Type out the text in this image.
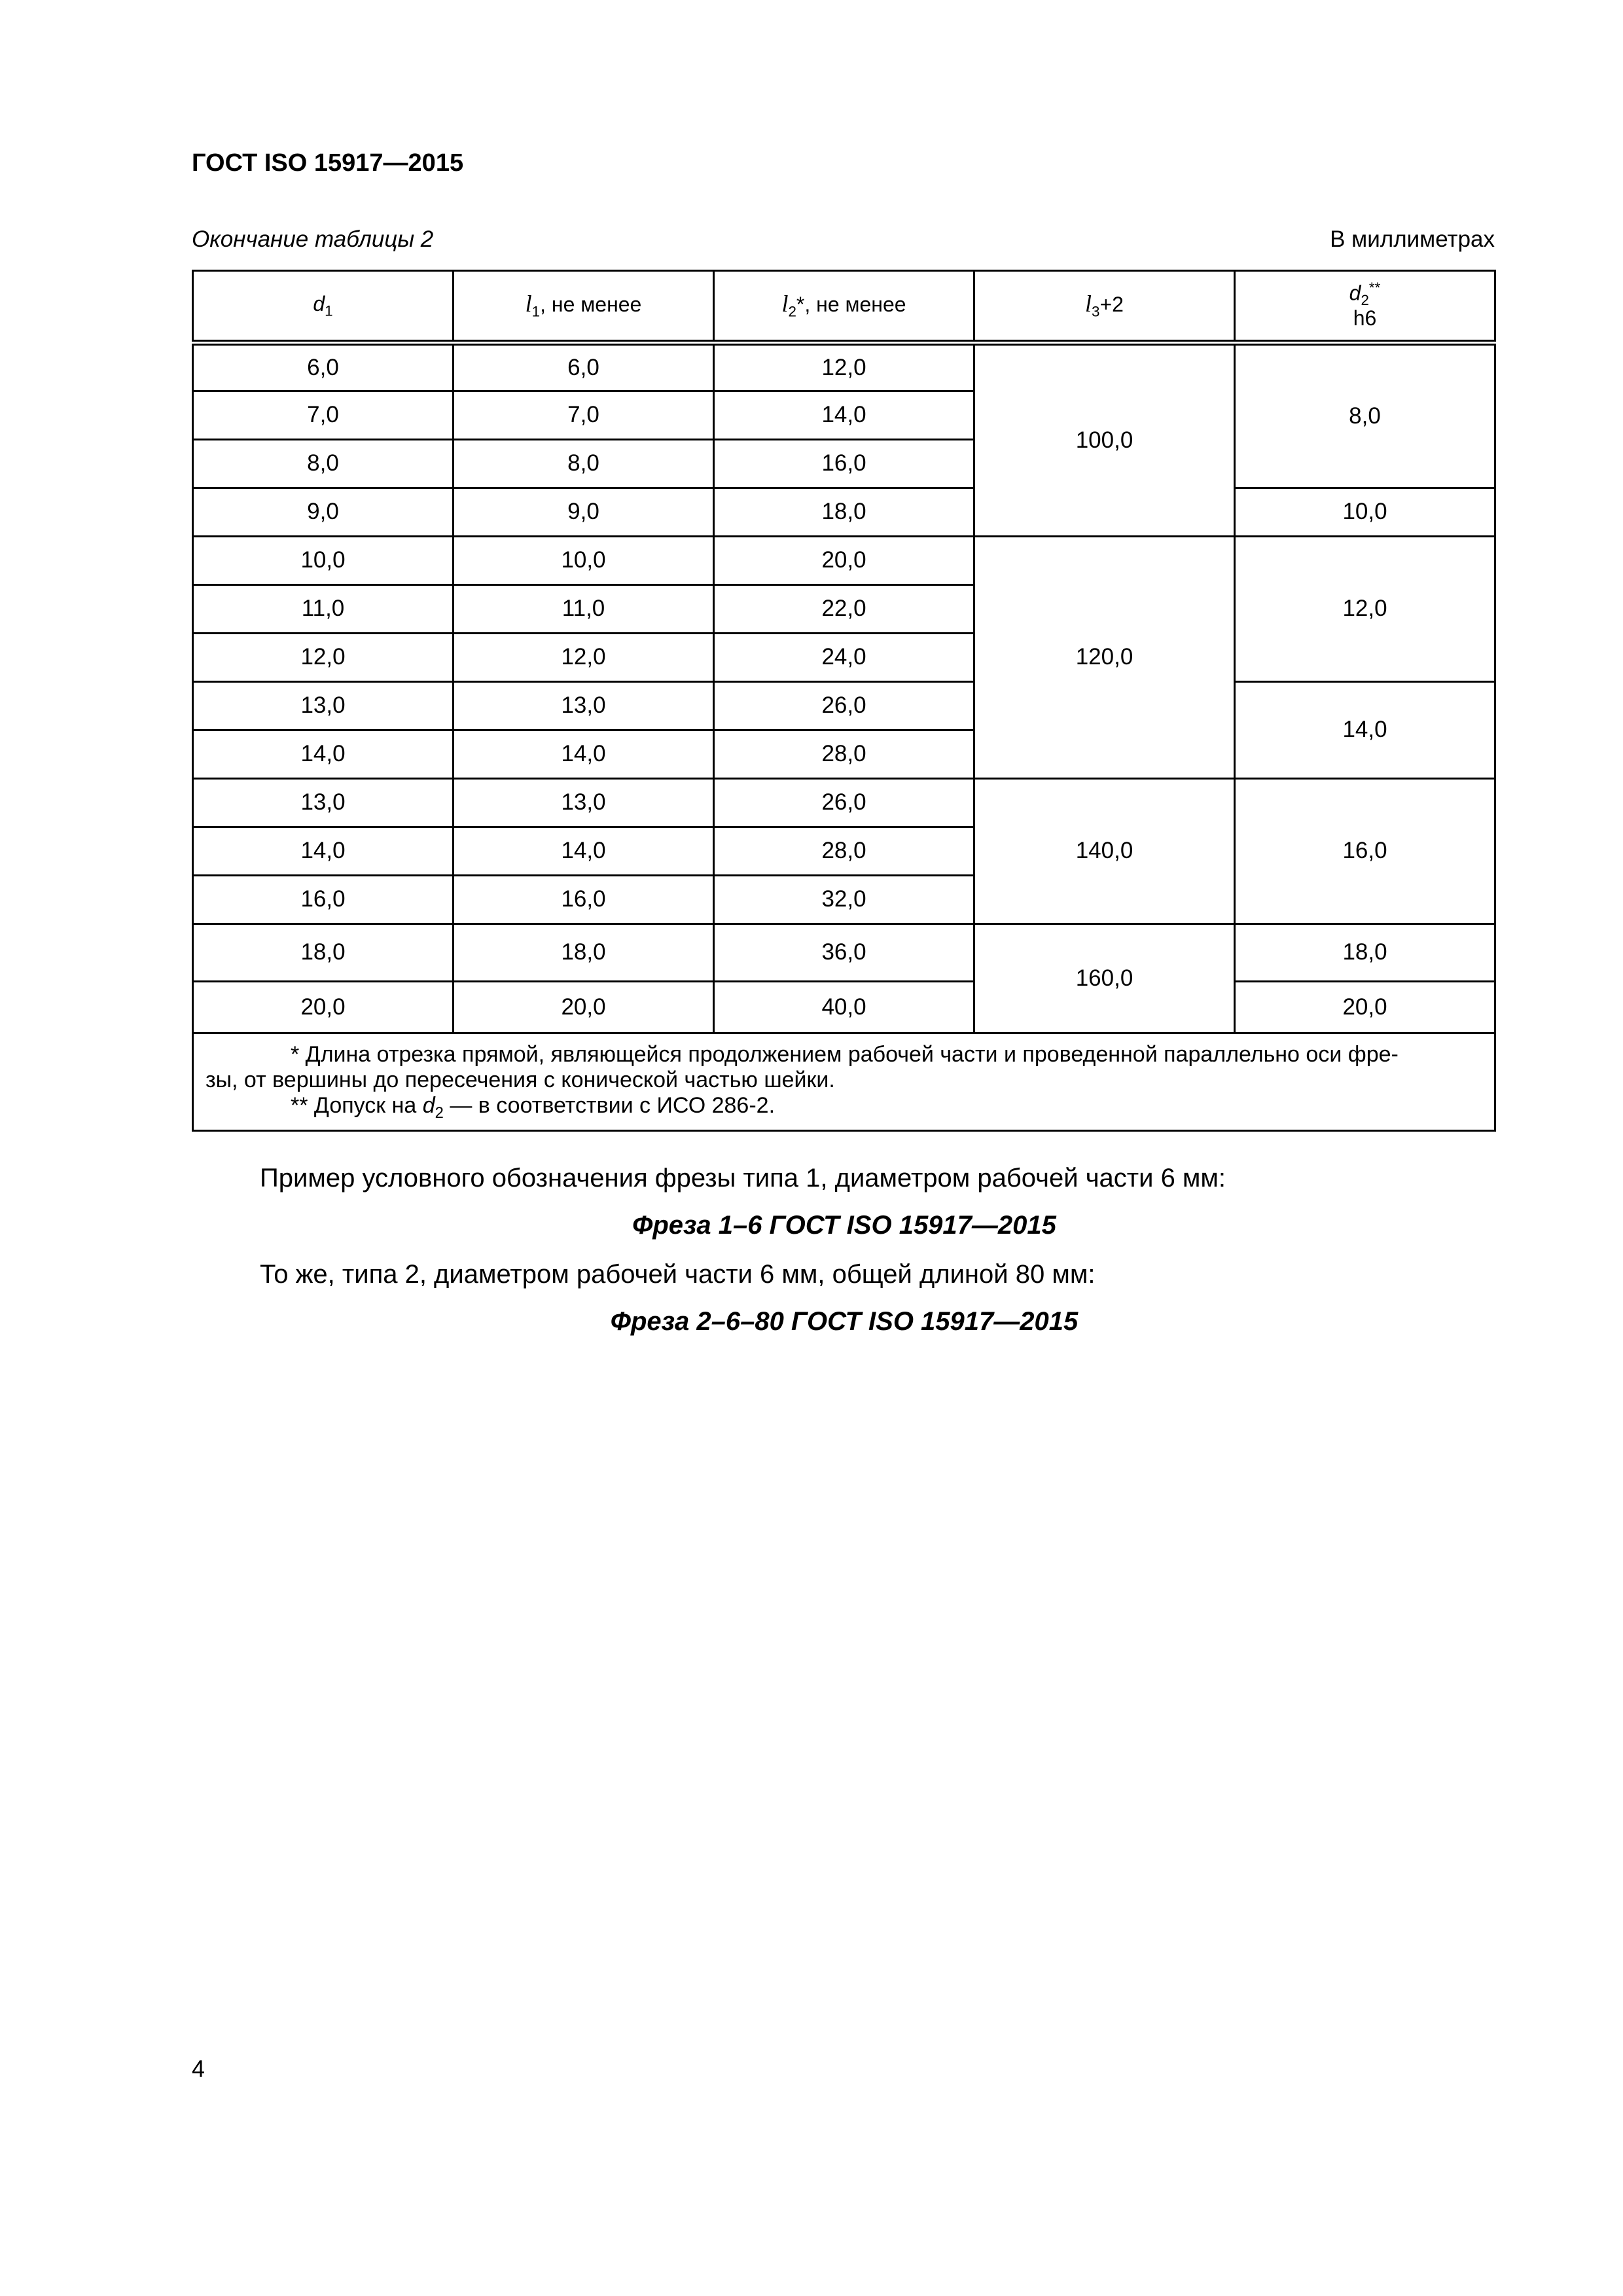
ГОСТ ISO 15917—2015
Окончание таблицы 2	В миллиметрах
$d_1$	$l_1$, не менее	$l_2*$, не менее	$l_3+2$	$d_2^{**}$
h6
6,0	6,0	12,0	100,0	8,0
7,0	7,0	14,0		
8,0	8,0	16,0		
9,0	9,0	18,0		10,0
10,0	10,0	20,0	120,0	12,0
11,0	11,0	22,0		
12,0	12,0	24,0		
13,0	13,0	26,0		14,0
14,0	14,0	28,0		
13,0	13,0	26,0	140,0	16,0
14,0	14,0	28,0		
16,0	16,0	32,0		
18,0	18,0	36,0	160,0	18,0
20,0	20,0	40,0		20,0

* Длина отрезка прямой, являющейся продолжением рабочей части и проведенной параллельно оси фре-
зы, от вершины до пересечения с конической частью шейки.
** Допуск на $d_2$ — в соответствии с ИСО 286-2.				
Пример условного обозначения фрезы типа 1, диаметром рабочей части 6 мм:
Фреза 1–6 ГОСТ ISO 15917—2015
То же, типа 2, диаметром рабочей части 6 мм, общей длиной 80 мм:
Фреза 2–6–80 ГОСТ ISO 15917—2015
4
